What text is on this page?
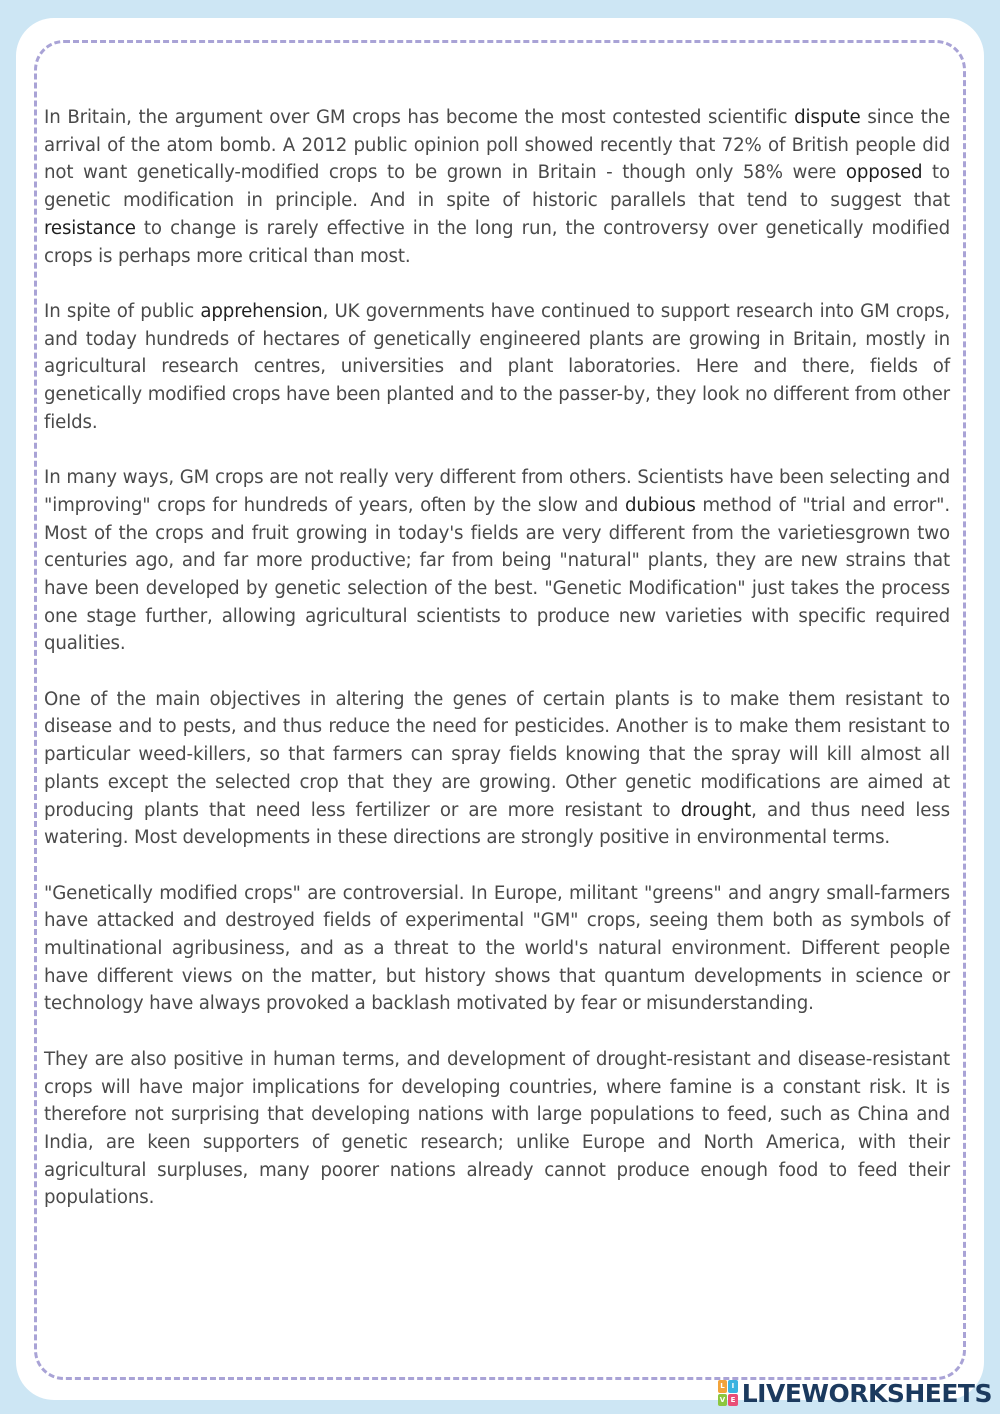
In Britain, the argument over GM crops has become the most contested scientific dispute since the arrival of the atom bomb. A 2012 public opinion poll showed recently that 72% of British people did not want genetically-modified crops to be grown in Britain - though only 58% were opposed to genetic modification in principle. And in spite of historic parallels that tend to suggest that resistance to change is rarely effective in the long run, the controversy over genetically modified crops is perhaps more critical than most.

In spite of public apprehension, UK governments have continued to support research into GM crops, and today hundreds of hectares of genetically engineered plants are growing in Britain, mostly in agricultural research centres, universities and plant laboratories. Here and there, fields of genetically modified crops have been planted and to the passer-by, they look no different from other fields.

In many ways, GM crops are not really very different from others. Scientists have been selecting and "improving" crops for hundreds of years, often by the slow and dubious method of "trial and error". Most of the crops and fruit growing in today's fields are very different from the varietiesgrown two centuries ago, and far more productive; far from being "natural" plants, they are new strains that have been developed by genetic selection of the best. "Genetic Modification" just takes the process one stage further, allowing agricultural scientists to produce new varieties with specific required qualities.

One of the main objectives in altering the genes of certain plants is to make them resistant to disease and to pests, and thus reduce the need for pesticides. Another is to make them resistant to particular weed-killers, so that farmers can spray fields knowing that the spray will kill almost all plants except the selected crop that they are growing. Other genetic modifications are aimed at producing plants that need less fertilizer or are more resistant to drought, and thus need less watering. Most developments in these directions are strongly positive in environmental terms.

"Genetically modified crops" are controversial. In Europe, militant "greens" and angry small-farmers have attacked and destroyed fields of experimental "GM" crops, seeing them both as symbols of multinational agribusiness, and as a threat to the world's natural environment. Different people have different views on the matter, but history shows that quantum developments in science or technology have always provoked a backlash motivated by fear or misunderstanding.

They are also positive in human terms, and development of drought-resistant and disease-resistant crops will have major implications for developing countries, where famine is a constant risk. It is therefore not surprising that developing nations with large populations to feed, such as China and India, are keen supporters of genetic research; unlike Europe and North America, with their agricultural surpluses, many poorer nations already cannot produce enough food to feed their populations.

L I
V E LIVEWORKSHEETS
